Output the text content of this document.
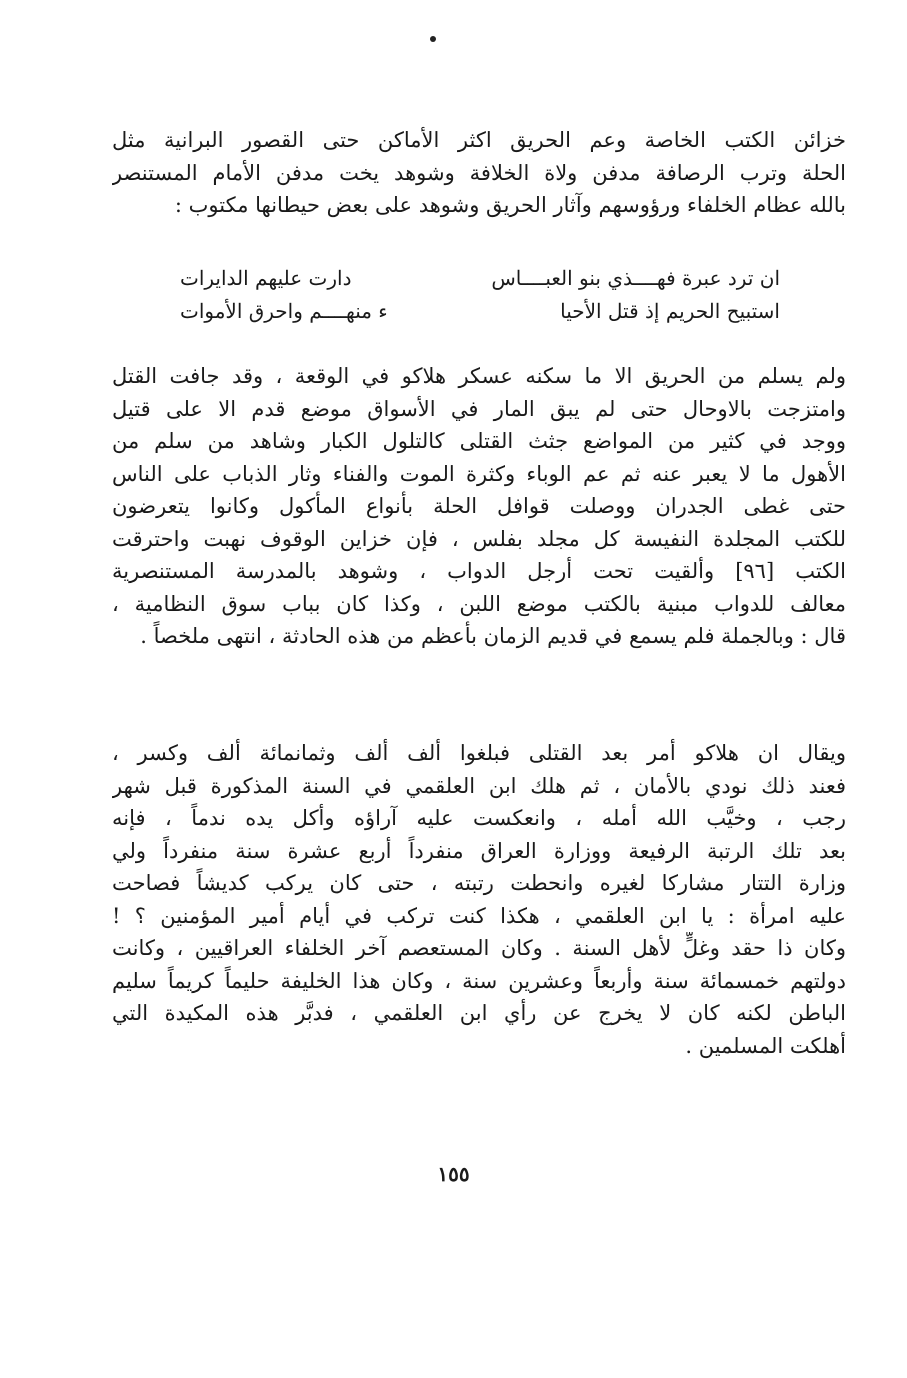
خزائن الكتب الخاصة وعم الحريق اكثر الأماكن حتى القصور البرانية مثل
الحلة وترب الرصافة مدفن ولاة الخلافة وشوهد يخت مدفن الأمام المستنصر
بالله عظام الخلفاء ورؤوسهم وآثار الحريق وشوهد على بعض حيطانها مكتوب :
ان ترد عبرة فهــــذي بنو العبــــاس
دارت عليهم الدايرات
استبيح الحريم إذ قتل الأحيا
ء منهــــم واحرق الأموات
ولم يسلم من الحريق الا ما سكنه عسكر هلاكو في الوقعة ، وقد جافت القتل
وامتزجت بالاوحال حتى لم يبق المار في الأسواق موضع قدم الا على قتيل
ووجد في كثير من المواضع جثث القتلى كالتلول الكبار وشاهد من سلم من
الأهول ما لا يعبر عنه ثم عم الوباء وكثرة الموت والفناء وثار الذباب على الناس
حتى غطى الجدران ووصلت قوافل الحلة بأنواع المأكول وكانوا يتعرضون
للكتب المجلدة النفيسة كل مجلد بفلس ، فإن خزاين الوقوف نهبت واحترقت
الكتب [٩٦] وألقيت تحت أرجل الدواب ، وشوهد بالمدرسة المستنصرية
معالف للدواب مبنية بالكتب موضع اللبن ، وكذا كان بباب سوق النظامية ،
قال : وبالجملة فلم يسمع في قديم الزمان بأعظم من هذه الحادثة ، انتهى ملخصاً .
ويقال ان هلاكو أمر بعد القتلى فبلغوا ألف ألف وثمانمائة ألف وكسر ،
فعند ذلك نودي بالأمان ، ثم هلك ابن العلقمي في السنة المذكورة قبل شهر
رجب ، وخيَّب الله أمله ، وانعكست عليه آراؤه وأكل يده ندماً ، فإنه
بعد تلك الرتبة الرفيعة ووزارة العراق منفرداً أربع عشرة سنة منفرداً ولي
وزارة التتار مشاركا لغيره وانحطت رتبته ، حتى كان يركب كديشاً فصاحت
عليه امرأة : يا ابن العلقمي ، هكذا كنت تركب في أيام أمير المؤمنين ؟ !
وكان ذا حقد وغلٍّ لأهل السنة . وكان المستعصم آخر الخلفاء العراقيين ، وكانت
دولتهم خمسمائة سنة وأربعاً وعشرين سنة ، وكان هذا الخليفة حليماً كريماً سليم
الباطن لكنه كان لا يخرج عن رأي ابن العلقمي ، فدبَّر هذه المكيدة التي
أهلكت المسلمين .
١٥٥
